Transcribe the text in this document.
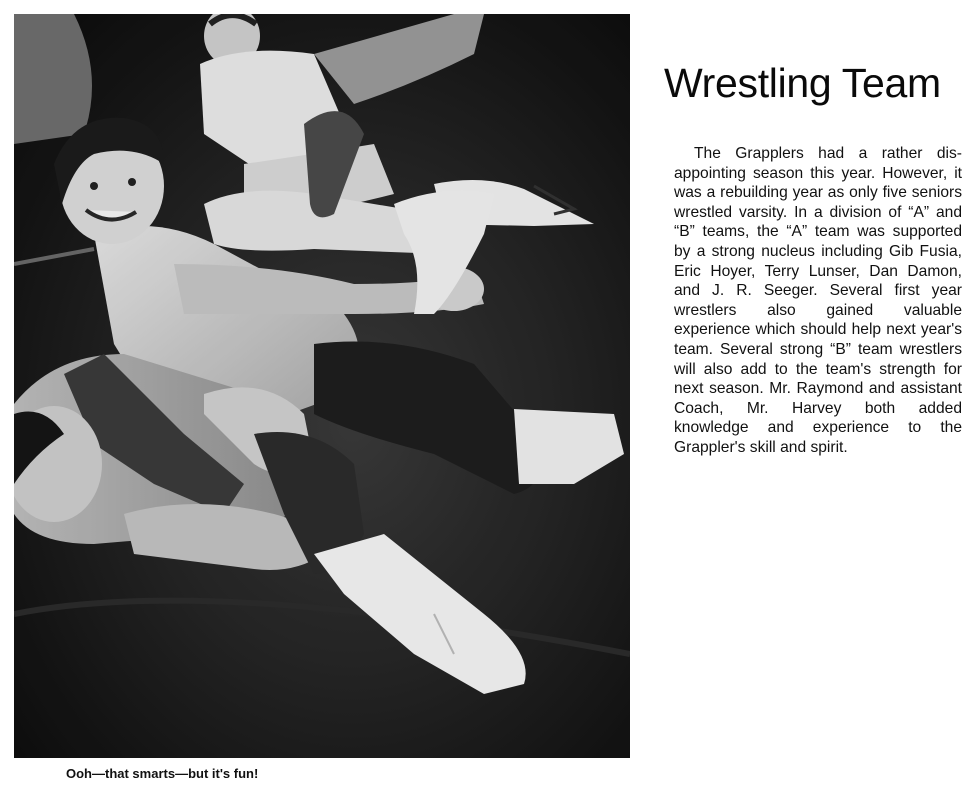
Ooh—that smarts—but it's fun!
Wrestling Team

The Grapplers had a rather disappointing season this year. However, it was a rebuilding year as only five seniors wrestled varsity. In a division of “A” and “B” teams, the “A” team was supported by a strong nucleus including Gib Fusia, Eric Hoyer, Terry Lunser, Dan Damon, and J. R. Seeger. Several first year wrestlers also gained valuable experience which should help next year's team. Several strong “B” team wrestlers will also add to the team's strength for next season. Mr. Raymond and assistant Coach, Mr. Harvey both added knowledge and experience to the Grappler's skill and spirit.
